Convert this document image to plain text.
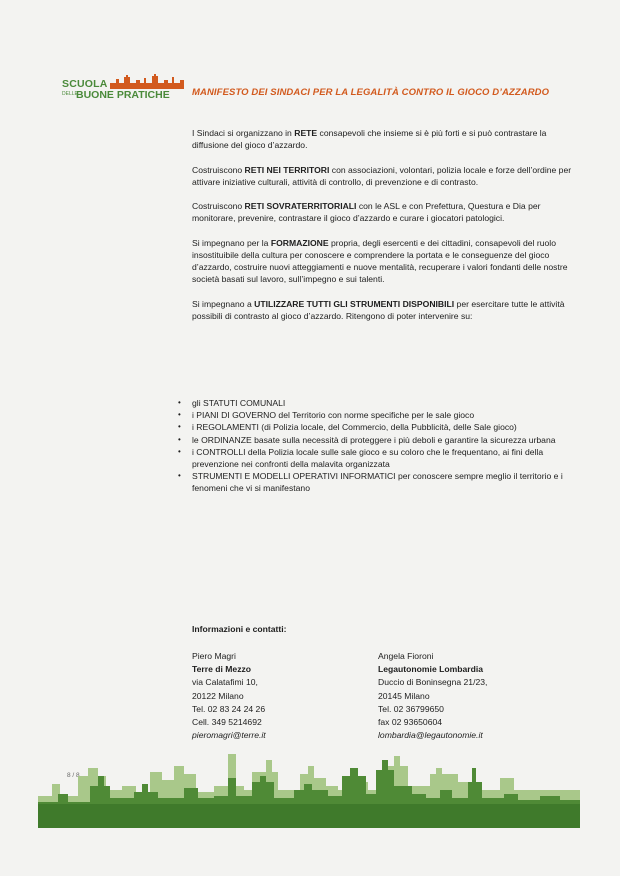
SCUOLA
DELLE
BUONE PRATICHE MANIFESTO DEI SINDACI PER LA LEGALITÀ CONTRO IL GIOCO D’AZZARDO

I Sindaci si organizzano in RETE consapevoli che insieme si è più forti e si può contrastare la diffusione del gioco d’azzardo.

Costruiscono RETI NEI TERRITORI con associazioni, volontari, polizia locale e forze dell’ordine per attivare iniziative culturali, attività di controllo, di prevenzione e di contrasto.

Costruiscono RETI SOVRATERRITORIALI con le ASL e con Prefettura, Questura e Dia per monitorare, prevenire, contrastare il gioco d’azzardo e curare i giocatori patologici.

Si impegnano per la FORMAZIONE propria, degli esercenti e dei cittadini, consapevoli del ruolo insostituibile della cultura per conoscere e comprendere la portata e le conseguenze del gioco d’azzardo, costruire nuovi atteggiamenti e nuove mentalità, recuperare i valori fondanti delle nostre società basati sul lavoro, sull’impegno e sui talenti.

Si impegnano a UTILIZZARE TUTTI GLI STRUMENTI DISPONIBILI per esercitare tutte le attività possibili di contrasto al gioco d’azzardo. Ritengono di poter intervenire su:

• gli STATUTI COMUNALI
• i PIANI DI GOVERNO del Territorio con norme specifiche per le sale gioco
• i REGOLAMENTI (di Polizia locale, del Commercio, della Pubblicità, delle Sale gioco)
• le ORDINANZE basate sulla necessità di proteggere i più deboli e garantire la sicurezza urbana
• i CONTROLLI della Polizia locale sulle sale gioco e su coloro che le frequentano, ai fini della prevenzione nei confronti della malavita organizzata
• STRUMENTI E MODELLI OPERATIVI INFORMATICI per conoscere sempre meglio il territorio e i fenomeni che vi si manifestano
Informazioni e contatti:
Piero Magri
Terre di Mezzo
via Calatafimi 10,
20122 Milano
Tel. 02 83 24 24 26
Cell. 349 5214692
pieromagri@terre.it
Angela Fioroni
Legautonomie Lombardia
Duccio di Boninsegna 21/23,
20145 Milano
Tel. 02 36799650
fax 02 93650604
lombardia@legautonomie.it
8 / 8
